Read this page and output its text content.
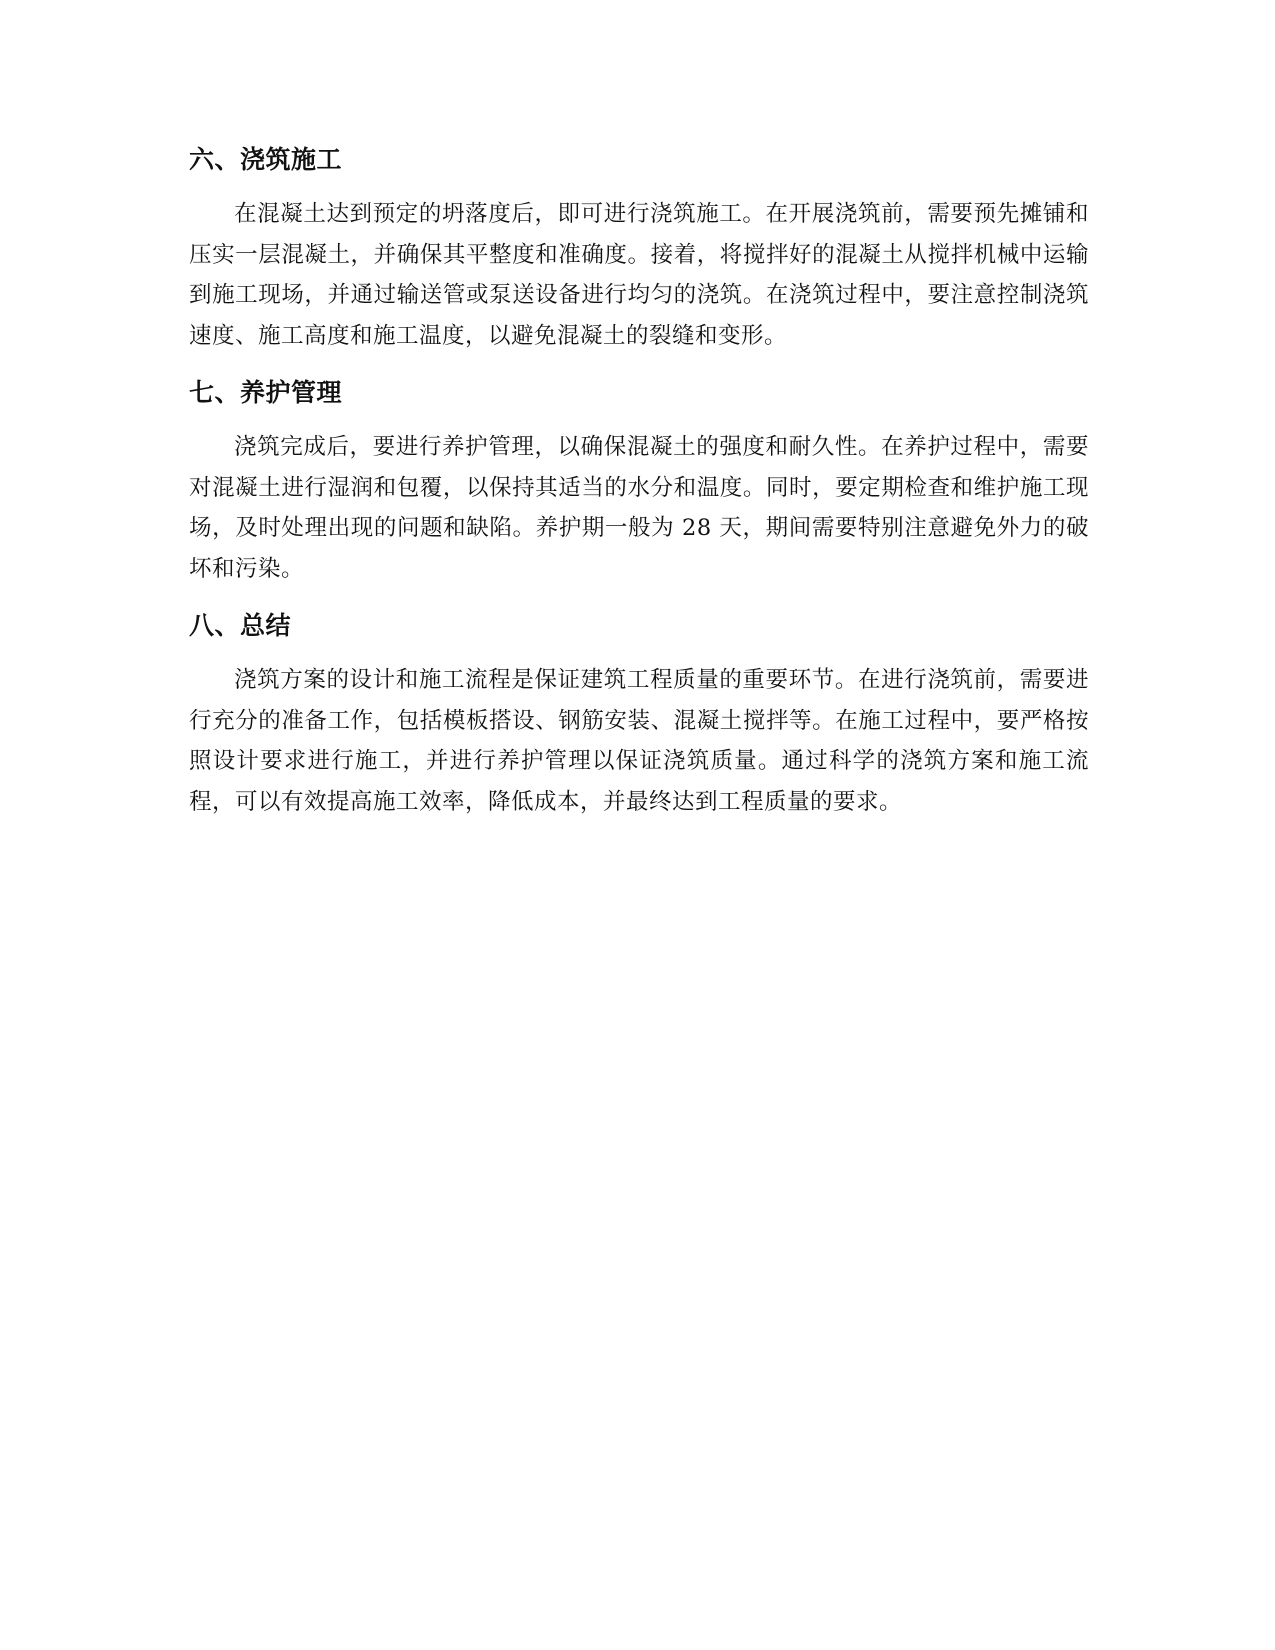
六、浇筑施工

在混凝土达到预定的坍落度后，即可进行浇筑施工。在开展浇筑前，需要预先摊铺和压实一层混凝土，并确保其平整度和准确度。接着，将搅拌好的混凝土从搅拌机械中运输到施工现场，并通过输送管或泵送设备进行均匀的浇筑。在浇筑过程中，要注意控制浇筑速度、施工高度和施工温度，以避免混凝土的裂缝和变形。

七、养护管理

浇筑完成后，要进行养护管理，以确保混凝土的强度和耐久性。在养护过程中，需要对混凝土进行湿润和包覆，以保持其适当的水分和温度。同时，要定期检查和维护施工现场，及时处理出现的问题和缺陷。养护期一般为 28 天，期间需要特别注意避免外力的破坏和污染。

八、总结

浇筑方案的设计和施工流程是保证建筑工程质量的重要环节。在进行浇筑前，需要进行充分的准备工作，包括模板搭设、钢筋安装、混凝土搅拌等。在施工过程中，要严格按照设计要求进行施工，并进行养护管理以保证浇筑质量。通过科学的浇筑方案和施工流程，可以有效提高施工效率，降低成本，并最终达到工程质量的要求。
